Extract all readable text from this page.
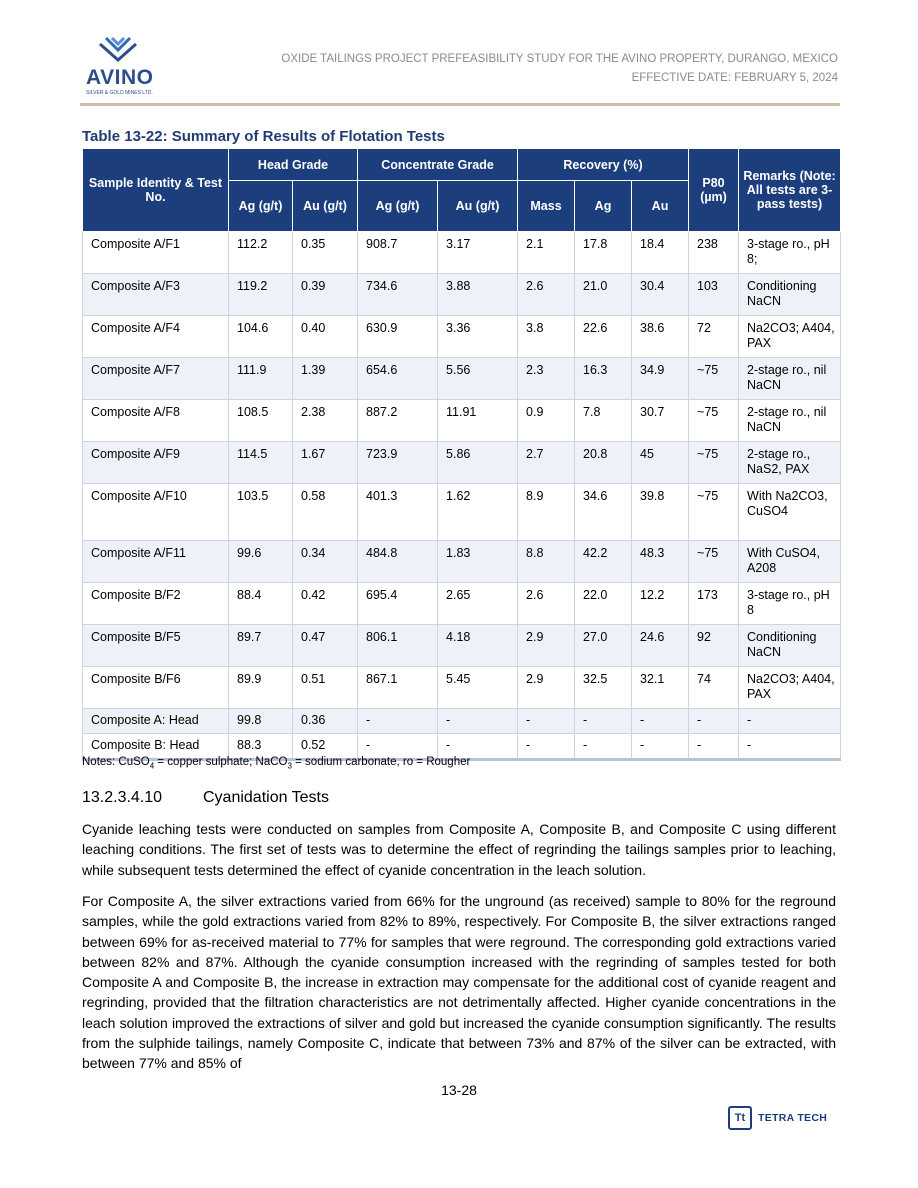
AVINO
SILVER & GOLD MINES LTD.
OXIDE TAILINGS PROJECT PREFEASIBILITY STUDY FOR THE AVINO PROPERTY, DURANGO, MEXICO
EFFECTIVE DATE: FEBRUARY 5, 2024
Table 13-22: Summary of Results of Flotation Tests
Sample Identity & Test No.	Head Grade		Concentrate Grade		Recovery (%)			P80 (µm)	Remarks (Note: All tests are 3-pass tests)
	Ag (g/t)	Au (g/t)	Ag (g/t)	Au (g/t)	Mass	Ag	Au		
Composite A/F1	112.2	0.35	908.7	3.17	2.1	17.8	18.4	238	3-stage ro., pH 8;
Composite A/F3	119.2	0.39	734.6	3.88	2.6	21.0	30.4	103	Conditioning NaCN
Composite A/F4	104.6	0.40	630.9	3.36	3.8	22.6	38.6	72	Na2CO3; A404, PAX
Composite A/F7	111.9	1.39	654.6	5.56	2.3	16.3	34.9	~75	2-stage ro., nil NaCN
Composite A/F8	108.5	2.38	887.2	11.91	0.9	7.8	30.7	~75	2-stage ro., nil NaCN
Composite A/F9	114.5	1.67	723.9	5.86	2.7	20.8	45	~75	2-stage ro., NaS2, PAX
Composite A/F10	103.5	0.58	401.3	1.62	8.9	34.6	39.8	~75	With Na2CO3, CuSO4
Composite A/F11	99.6	0.34	484.8	1.83	8.8	42.2	48.3	~75	With CuSO4, A208
Composite B/F2	88.4	0.42	695.4	2.65	2.6	22.0	12.2	173	3-stage ro., pH 8
Composite B/F5	89.7	0.47	806.1	4.18	2.9	27.0	24.6	92	Conditioning NaCN
Composite B/F6	89.9	0.51	867.1	5.45	2.9	32.5	32.1	74	Na2CO3; A404, PAX
Composite A: Head	99.8	0.36	-	-	-	-	-	-	-
Composite B: Head	88.3	0.52	-	-	-	-	-	-	-
Notes: CuSO$_4$ = copper sulphate; NaCO$_3$ = sodium carbonate, ro = Rougher
13.2.3.4.10	Cyanidation Tests

Cyanide leaching tests were conducted on samples from Composite A, Composite B, and Composite C using different leaching conditions. The first set of tests was to determine the effect of regrinding the tailings samples prior to leaching, while subsequent tests determined the effect of cyanide concentration in the leach solution.

For Composite A, the silver extractions varied from 66% for the unground (as received) sample to 80% for the reground samples, while the gold extractions varied from 82% to 89%, respectively. For Composite B, the silver extractions ranged between 69% for as-received material to 77% for samples that were reground. The corresponding gold extractions varied between 82% and 87%. Although the cyanide consumption increased with the regrinding of samples tested for both Composite A and Composite B, the increase in extraction may compensate for the additional cost of cyanide reagent and regrinding, provided that the filtration characteristics are not detrimentally affected. Higher cyanide concentrations in the leach solution improved the extractions of silver and gold but increased the cyanide consumption significantly. The results from the sulphide tailings, namely Composite C, indicate that between 73% and 87% of the silver can be extracted, with between 77% and 85% of

13-28
Tt	TETRA TECH
